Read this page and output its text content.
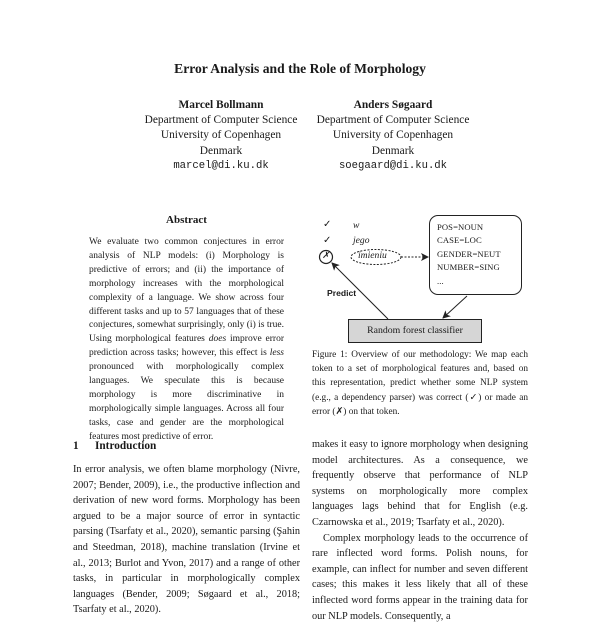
Error Analysis and the Role of Morphology
Marcel Bollmann
Department of Computer Science
University of Copenhagen
Denmark
marcel@di.ku.dk
Anders Søgaard
Department of Computer Science
University of Copenhagen
Denmark
soegaard@di.ku.dk
Abstract
We evaluate two common conjectures in error analysis of NLP models: (i) Morphology is predictive of errors; and (ii) the importance of morphology increases with the morphological complexity of a language. We show across four different tasks and up to 57 languages that of these conjectures, somewhat surprisingly, only (i) is true. Using morphological features does improve error prediction across tasks; however, this effect is less pronounced with morphologically complex languages. We speculate this is because morphology is more discriminative in morphologically simple languages. Across all four tasks, case and gender are the morphological features most predictive of error.
1 Introduction
In error analysis, we often blame morphology (Nivre, 2007; Bender, 2009), i.e., the productive inflection and derivation of new word forms. Morphology has been argued to be a major source of error in syntactic parsing (Tsarfaty et al., 2020), semantic parsing (Şahin and Steedman, 2018), machine translation (Irvine et al., 2013; Burlot and Yvon, 2017) and a range of other tasks, in particular in morphologically complex languages (Bender, 2009; Søgaard et al., 2018; Tsarfaty et al., 2020).
makes it easy to ignore morphology when designing model architectures. As a consequence, we frequently observe that performance of NLP systems on morphologically more complex languages lags behind that for English (e.g. Czarnowska et al., 2019; Tsarfaty et al., 2020).
Complex morphology leads to the occurrence of rare inflected word forms. Polish nouns, for example, can inflect for number and seven different cases; this makes it less likely that all of these inflected word forms appear in the training data for our NLP models. Consequently, a
✓ w
✓ jego
✗	imieniu
POS=NOUN
CASE=LOC
GENDER=NEUT
NUMBER=SING
...
Predict
Random forest classifier
Figure 1: Overview of our methodology: We map each token to a set of morphological features and, based on this representation, predict whether some NLP system (e.g., a dependency parser) was correct (✓) or made an error (✗) on that token.
